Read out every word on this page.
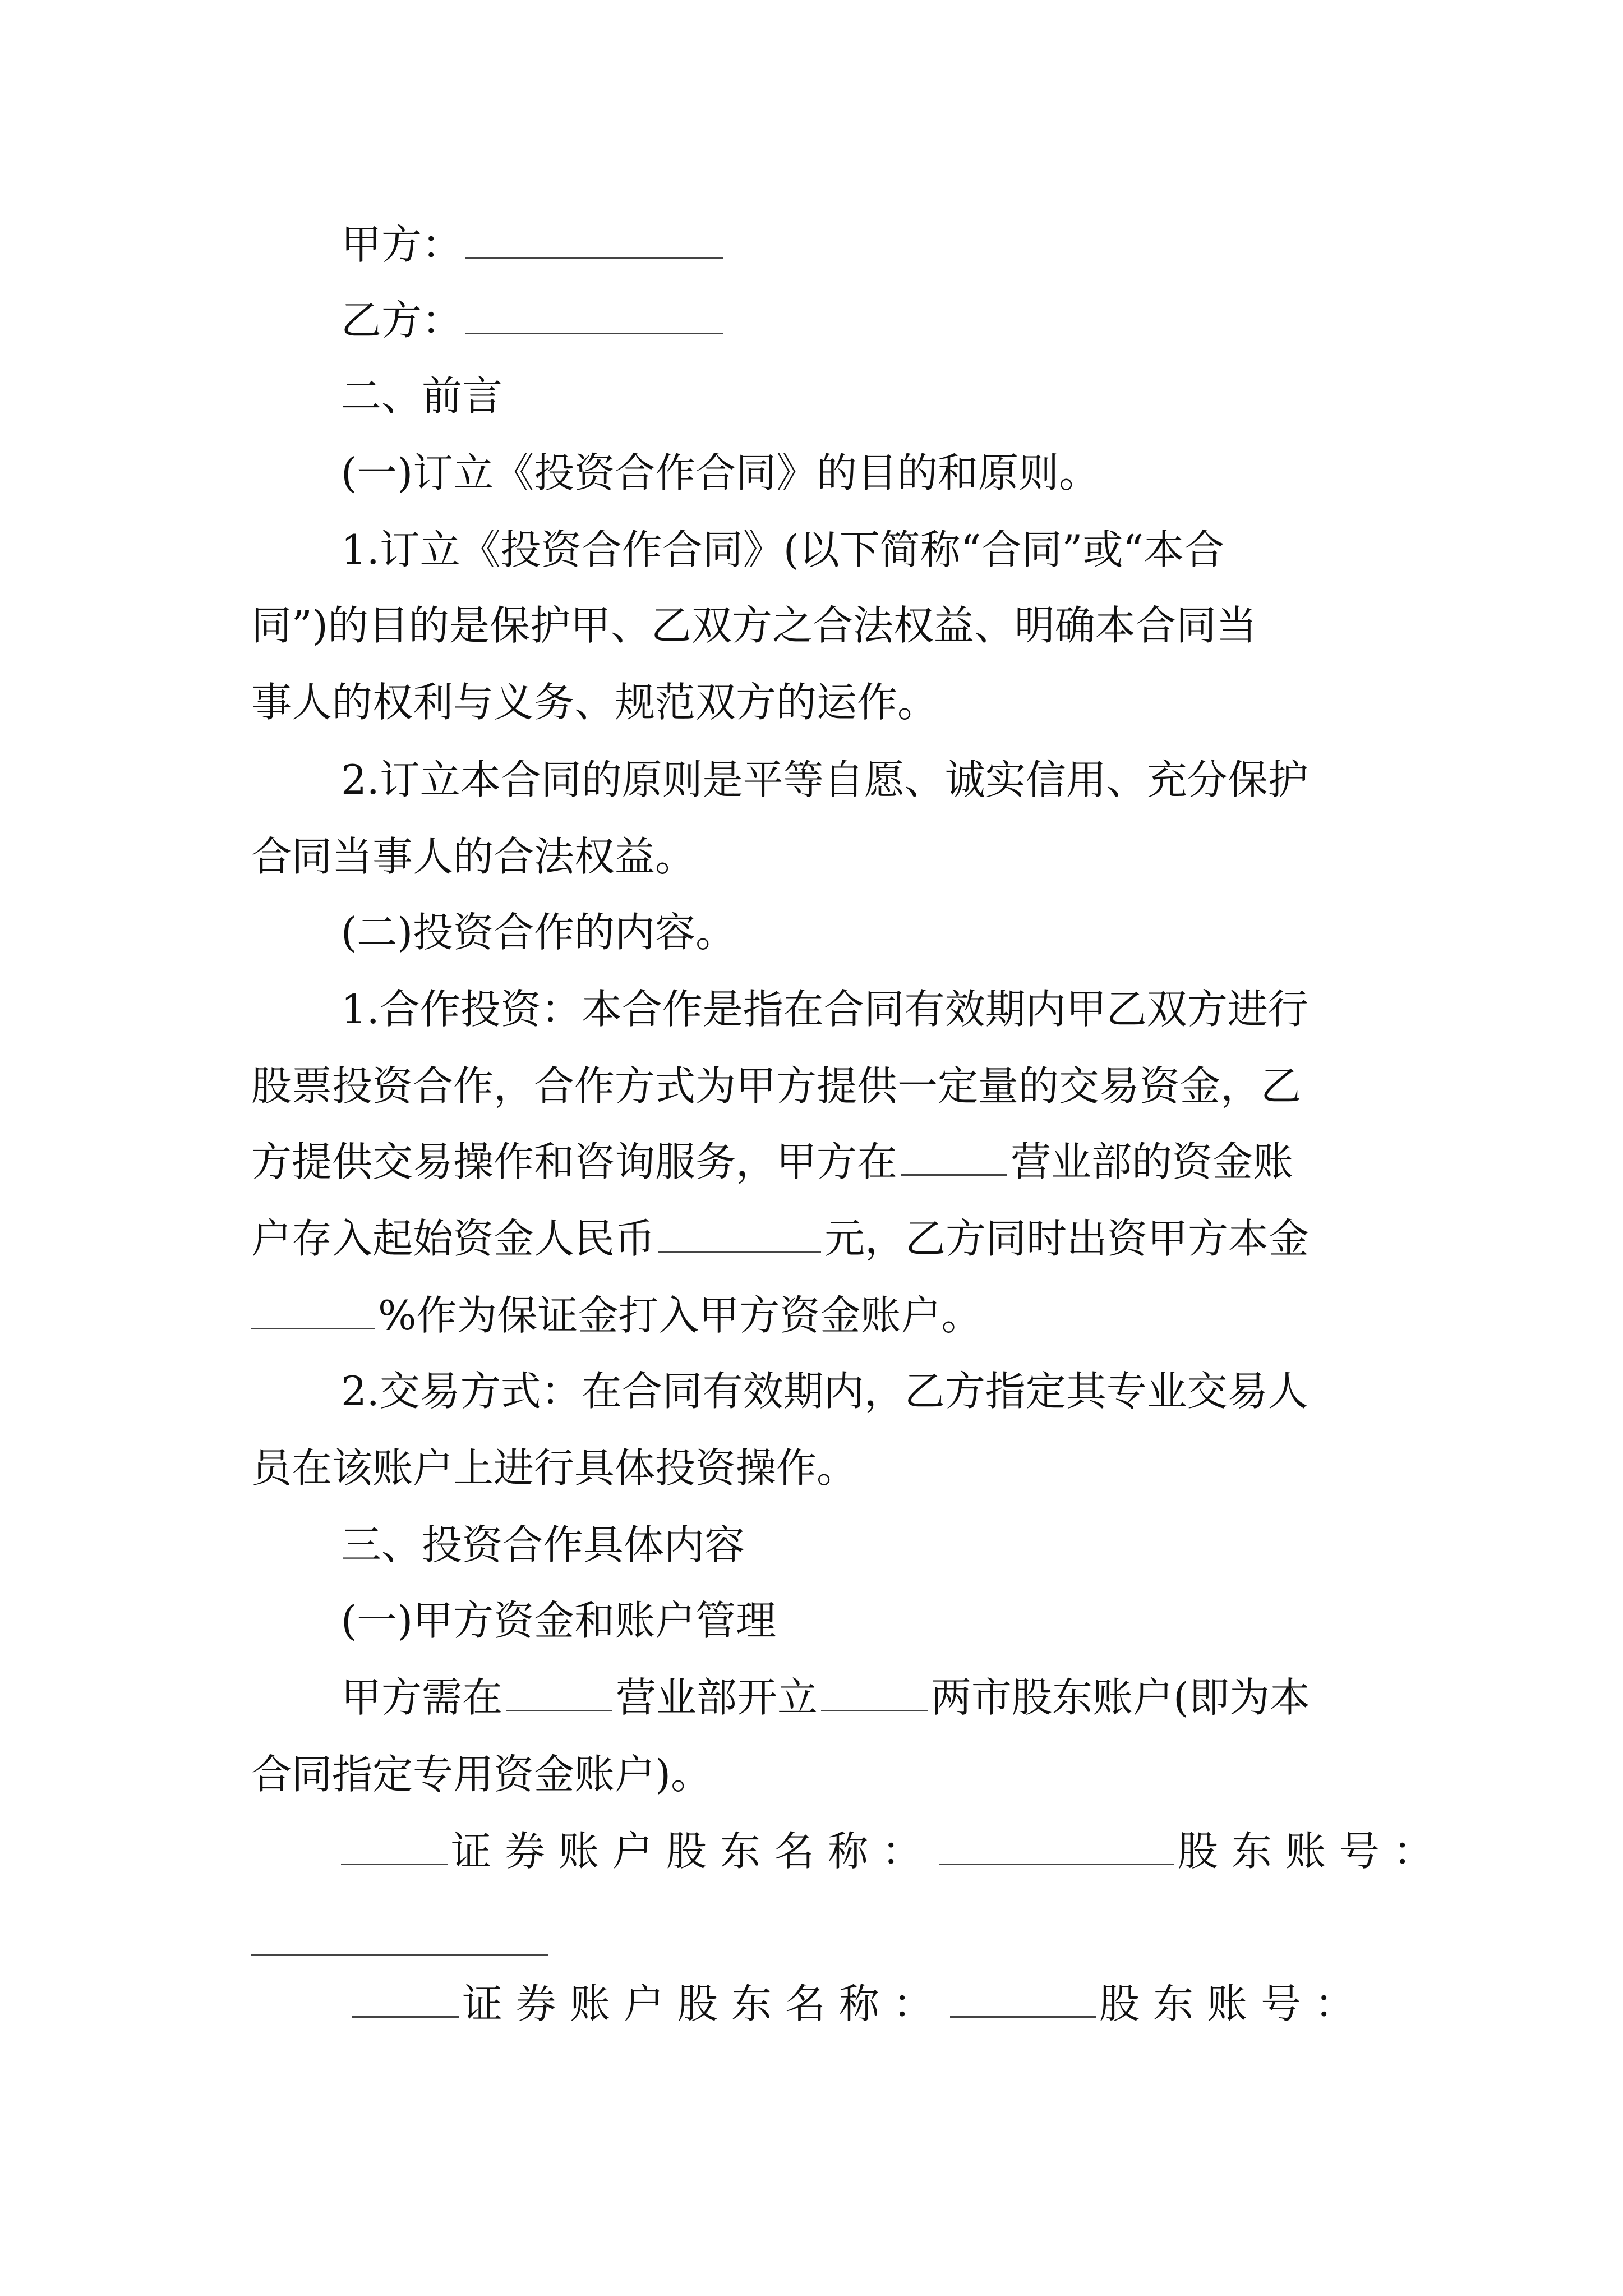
甲方：
乙方：
二、前言
(一)订立《投资合作合同》的目的和原则。
1.订立《投资合作合同》(以下简称“合同”或“本合
同”)的目的是保护甲、乙双方之合法权益、明确本合同当
事人的权利与义务、规范双方的运作。
2.订立本合同的原则是平等自愿、诚实信用、充分保护
合同当事人的合法权益。
(二)投资合作的内容。
1.合作投资：本合作是指在合同有效期内甲乙双方进行
股票投资合作，合作方式为甲方提供一定量的交易资金，乙
方提供交易操作和咨询服务，甲方在	营业部的资金账
户存入起始资金人民币	元，乙方同时出资甲方本金
%作为保证金打入甲方资金账户。
2.交易方式：在合同有效期内，乙方指定其专业交易人
员在该账户上进行具体投资操作。
三、投资合作具体内容
(一)甲方资金和账户管理
甲方需在	营业部开立	两市股东账户(即为本
合同指定专用资金账户)。
证券账户股东名称：	股东账号：
证券账户股东名称：	股东账号：
